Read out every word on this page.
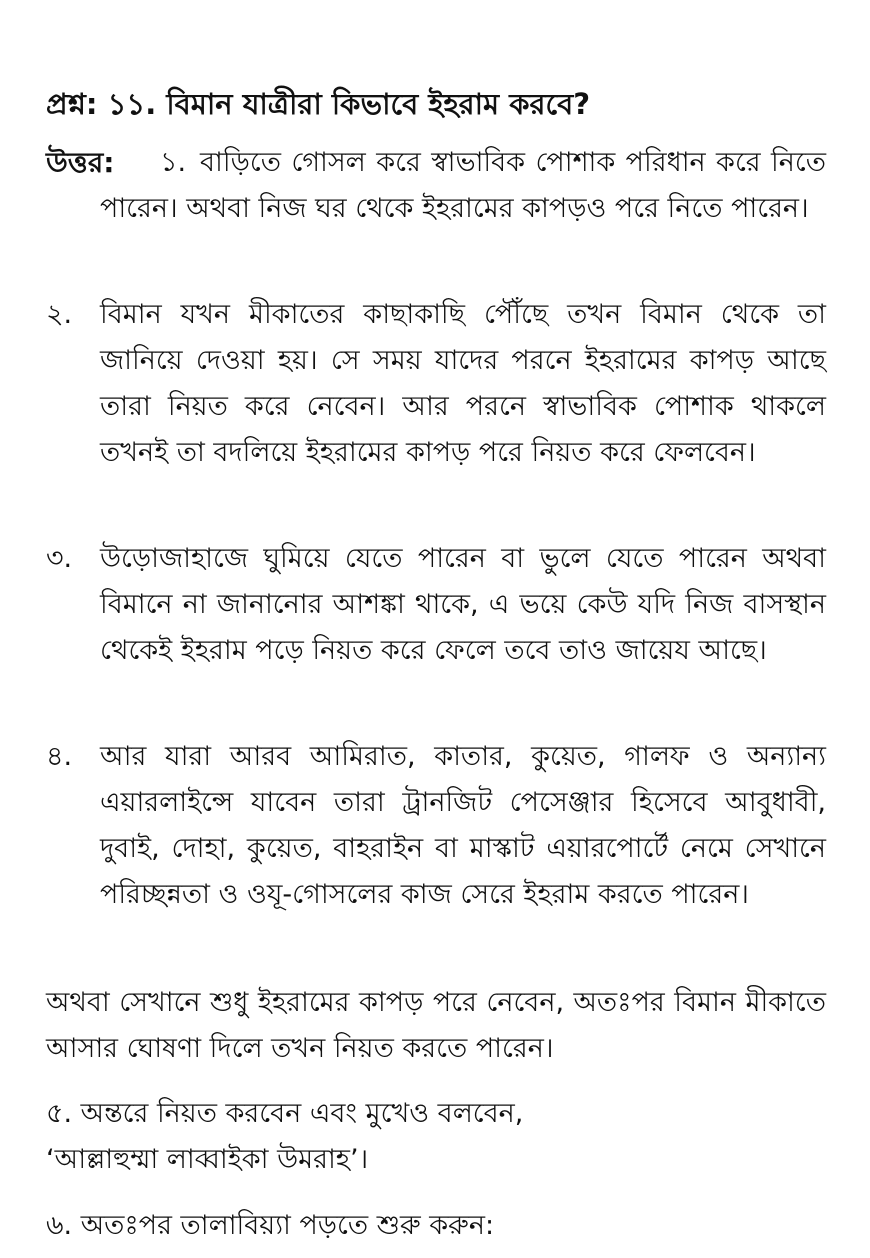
প্রশ্ন: ১১. বিমান যাত্রীরা কিভাবে ইহরাম করবে?
উত্তর: ১. বাড়িতে গোসল করে স্বাভাবিক পোশাক পরিধান করে নিতে পারেন। অথবা নিজ ঘর থেকে ইহরামের কাপড়ও পরে নিতে পারেন।
২. বিমান যখন মীকাতের কাছাকাছি পৌঁছে তখন বিমান থেকে তা জানিয়ে দেওয়া হয়। সে সময় যাদের পরনে ইহরামের কাপড় আছে তারা নিয়ত করে নেবেন। আর পরনে স্বাভাবিক পোশাক থাকলে তখনই তা বদলিয়ে ইহরামের কাপড় পরে নিয়ত করে ফেলবেন।
৩. উড়োজাহাজে ঘুমিয়ে যেতে পারেন বা ভুলে যেতে পারেন অথবা বিমানে না জানানোর আশঙ্কা থাকে, এ ভয়ে কেউ যদি নিজ বাসস্থান থেকেই ইহরাম পড়ে নিয়ত করে ফেলে তবে তাও জায়েয আছে।
৪. আর যারা আরব আমিরাত, কাতার, কুয়েত, গালফ ও অন্যান্য এয়ারলাইন্সে যাবেন তারা ট্রানজিট পেসেঞ্জার হিসেবে আবুধাবী, দুবাই, দোহা, কুয়েত, বাহরাইন বা মাস্কাট এয়ারপোর্টে নেমে সেখানে পরিচ্ছন্নতা ও ওযূ-গোসলের কাজ সেরে ইহরাম করতে পারেন।
অথবা সেখানে শুধু ইহরামের কাপড় পরে নেবেন, অতঃপর বিমান মীকাতে আসার ঘোষণা দিলে তখন নিয়ত করতে পারেন।
৫. অন্তরে নিয়ত করবেন এবং মুখেও বলবেন,
‘আল্লাহুম্মা লাব্বাইকা উমরাহ’।
৬. অতঃপর তালাবিয়্যা পড়তে শুরু করুন:
